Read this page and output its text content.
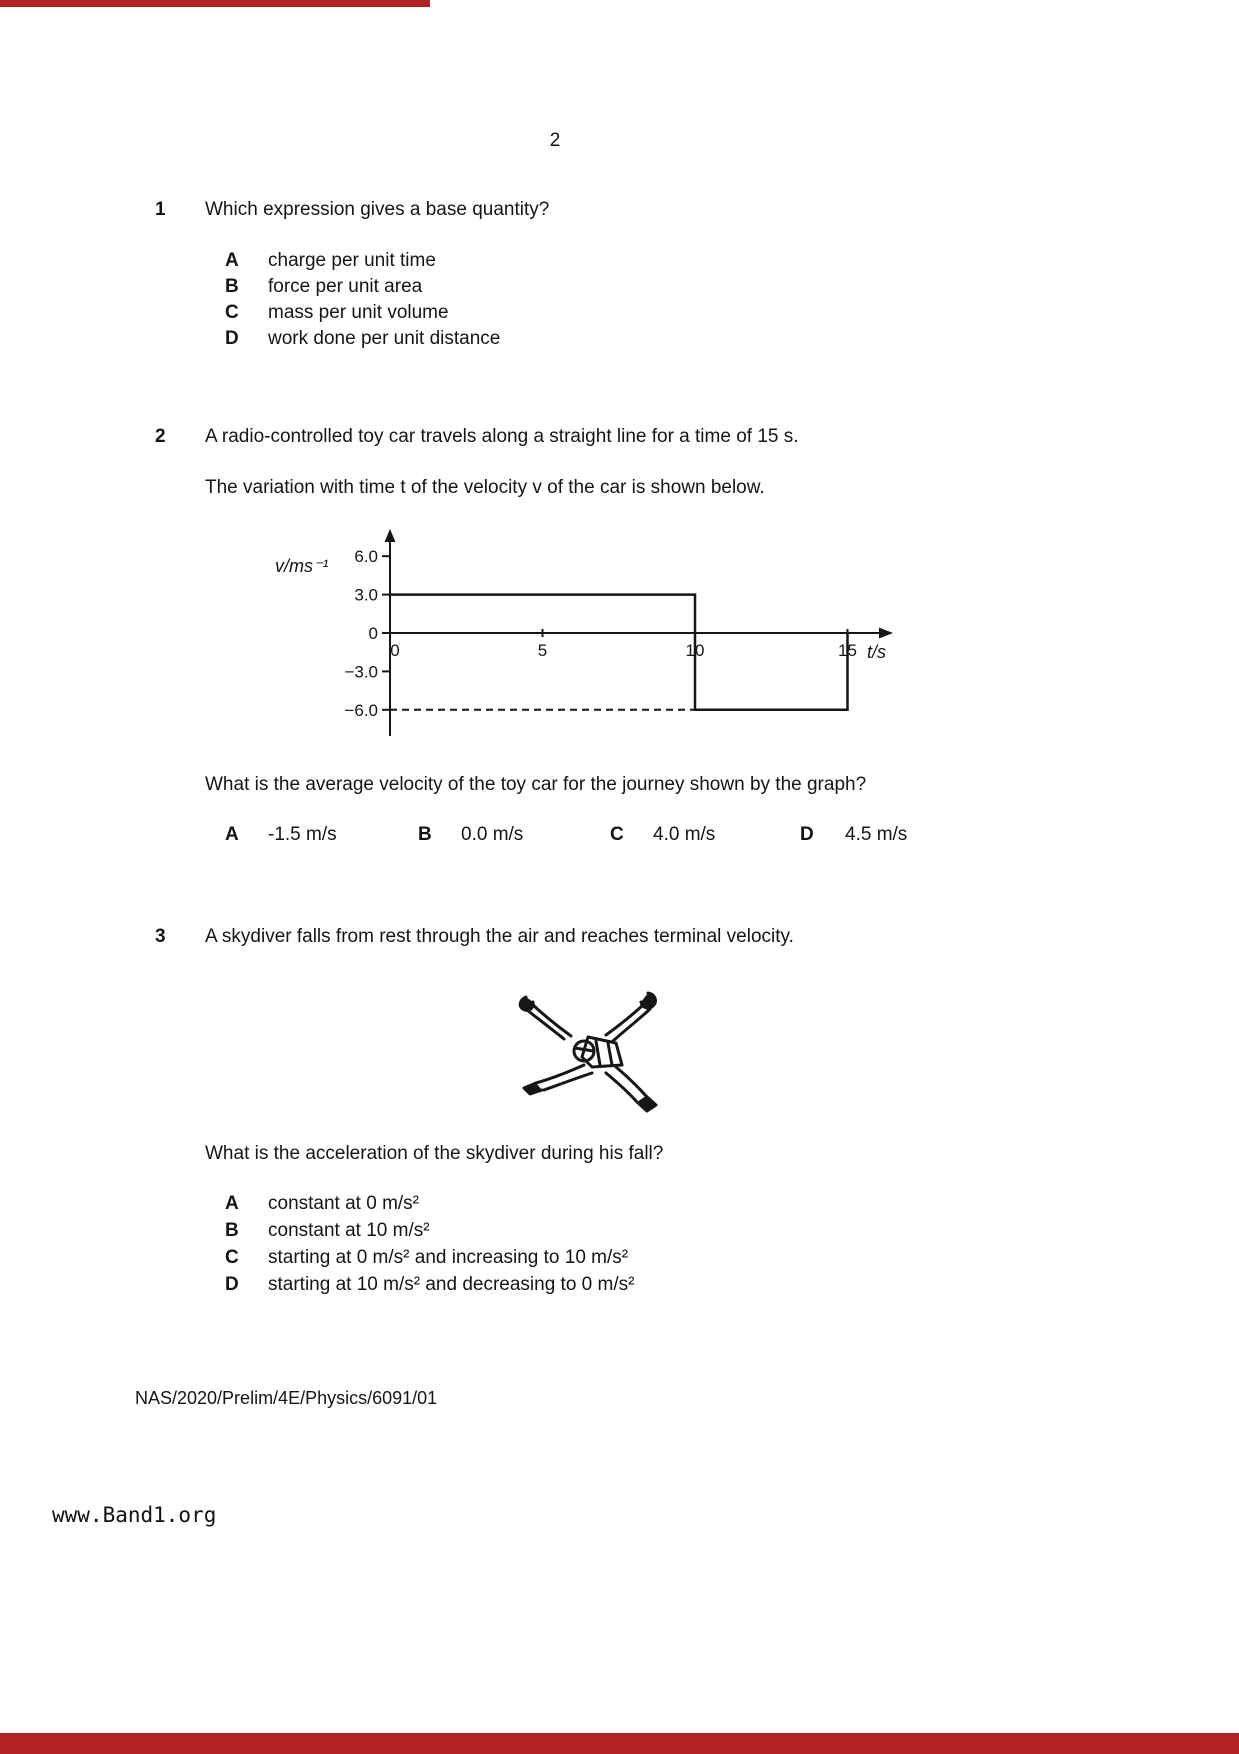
2
1 Which expression gives a base quantity?
A charge per unit time
B force per unit area
C mass per unit volume
D work done per unit distance
2 A radio-controlled toy car travels along a straight line for a time of 15 s.
The variation with time t of the velocity v of the car is shown below.
6.0
3.0
0
−3.0
−6.0
0	5	10	15
v/ms⁻¹
t/s
What is the average velocity of the toy car for the journey shown by the graph?
A -1.5 m/s	B 0.0 m/s	C 4.0 m/s	D 4.5 m/s
3 A skydiver falls from rest through the air and reaches terminal velocity.
What is the acceleration of the skydiver during his fall?
A constant at 0 m/s²
B constant at 10 m/s²
C starting at 0 m/s² and increasing to 10 m/s²
D starting at 10 m/s² and decreasing to 0 m/s²
NAS/2020/Prelim/4E/Physics/6091/01
www.Band1.org
